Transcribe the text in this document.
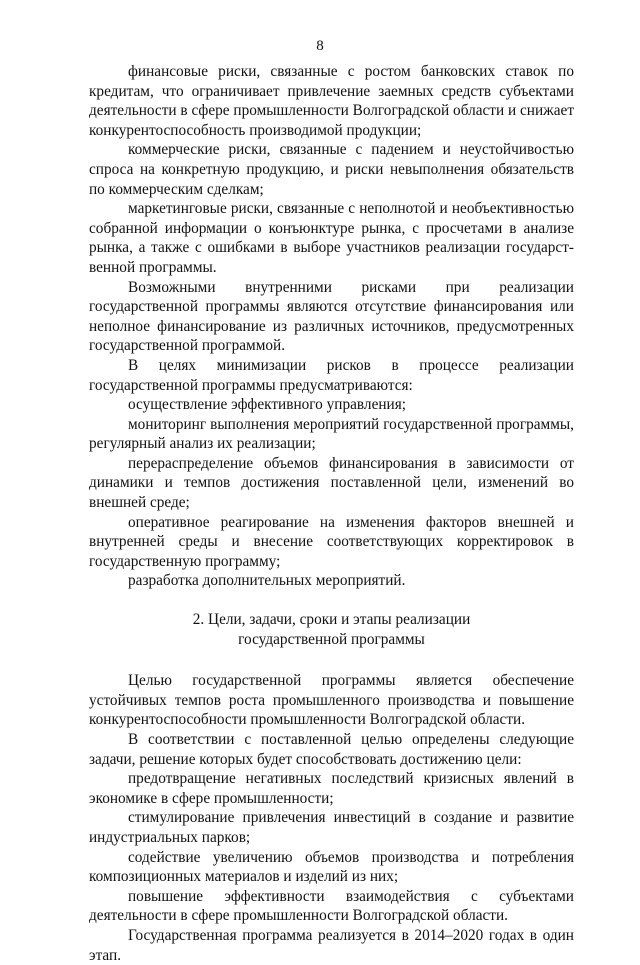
8

финансовые риски, связанные с ростом банковских ставок по кредитам, что ограничивает привлечение заемных средств субъектами деятельности в сфере промышленности Волгоградской области и снижает конкурентоспособность производимой продукции;

коммерческие риски, связанные с падением и неустойчивостью спроса на конкретную продукцию, и риски невыполнения обязательств по коммерческим сделкам;

маркетинговые риски, связанные с неполнотой и необъективностью собранной информации о конъюнктуре рынка, с просчетами в анализе рынка, а также с ошибками в выборе участников реализации государственной программы.

Возможными внутренними рисками при реализации государственной программы являются отсутствие финансирования или неполное финансирование из различных источников, предусмотренных государственной программой.

В целях минимизации рисков в процессе реализации государственной программы предусматриваются:

осуществление эффективного управления;

мониторинг выполнения мероприятий государственной программы, регулярный анализ их реализации;

перераспределение объемов финансирования в зависимости от динамики и темпов достижения поставленной цели, изменений во внешней среде;

оперативное реагирование на изменения факторов внешней и внутренней среды и внесение соответствующих корректировок в государственную программу;

разработка дополнительных мероприятий.

2. Цели, задачи, сроки и этапы реализации
государственной программы

Целью государственной программы является обеспечение устойчивых темпов роста промышленного производства и повышение конкурентоспособности промышленности Волгоградской области.

В соответствии с поставленной целью определены следующие задачи, решение которых будет способствовать достижению цели:

предотвращение негативных последствий кризисных явлений в экономике в сфере промышленности;

стимулирование привлечения инвестиций в создание и развитие индустриальных парков;

содействие увеличению объемов производства и потребления композиционных материалов и изделий из них;

повышение эффективности взаимодействия с субъектами деятельности в сфере промышленности Волгоградской области.

Государственная программа реализуется в 2014–2020 годах в один этап.
